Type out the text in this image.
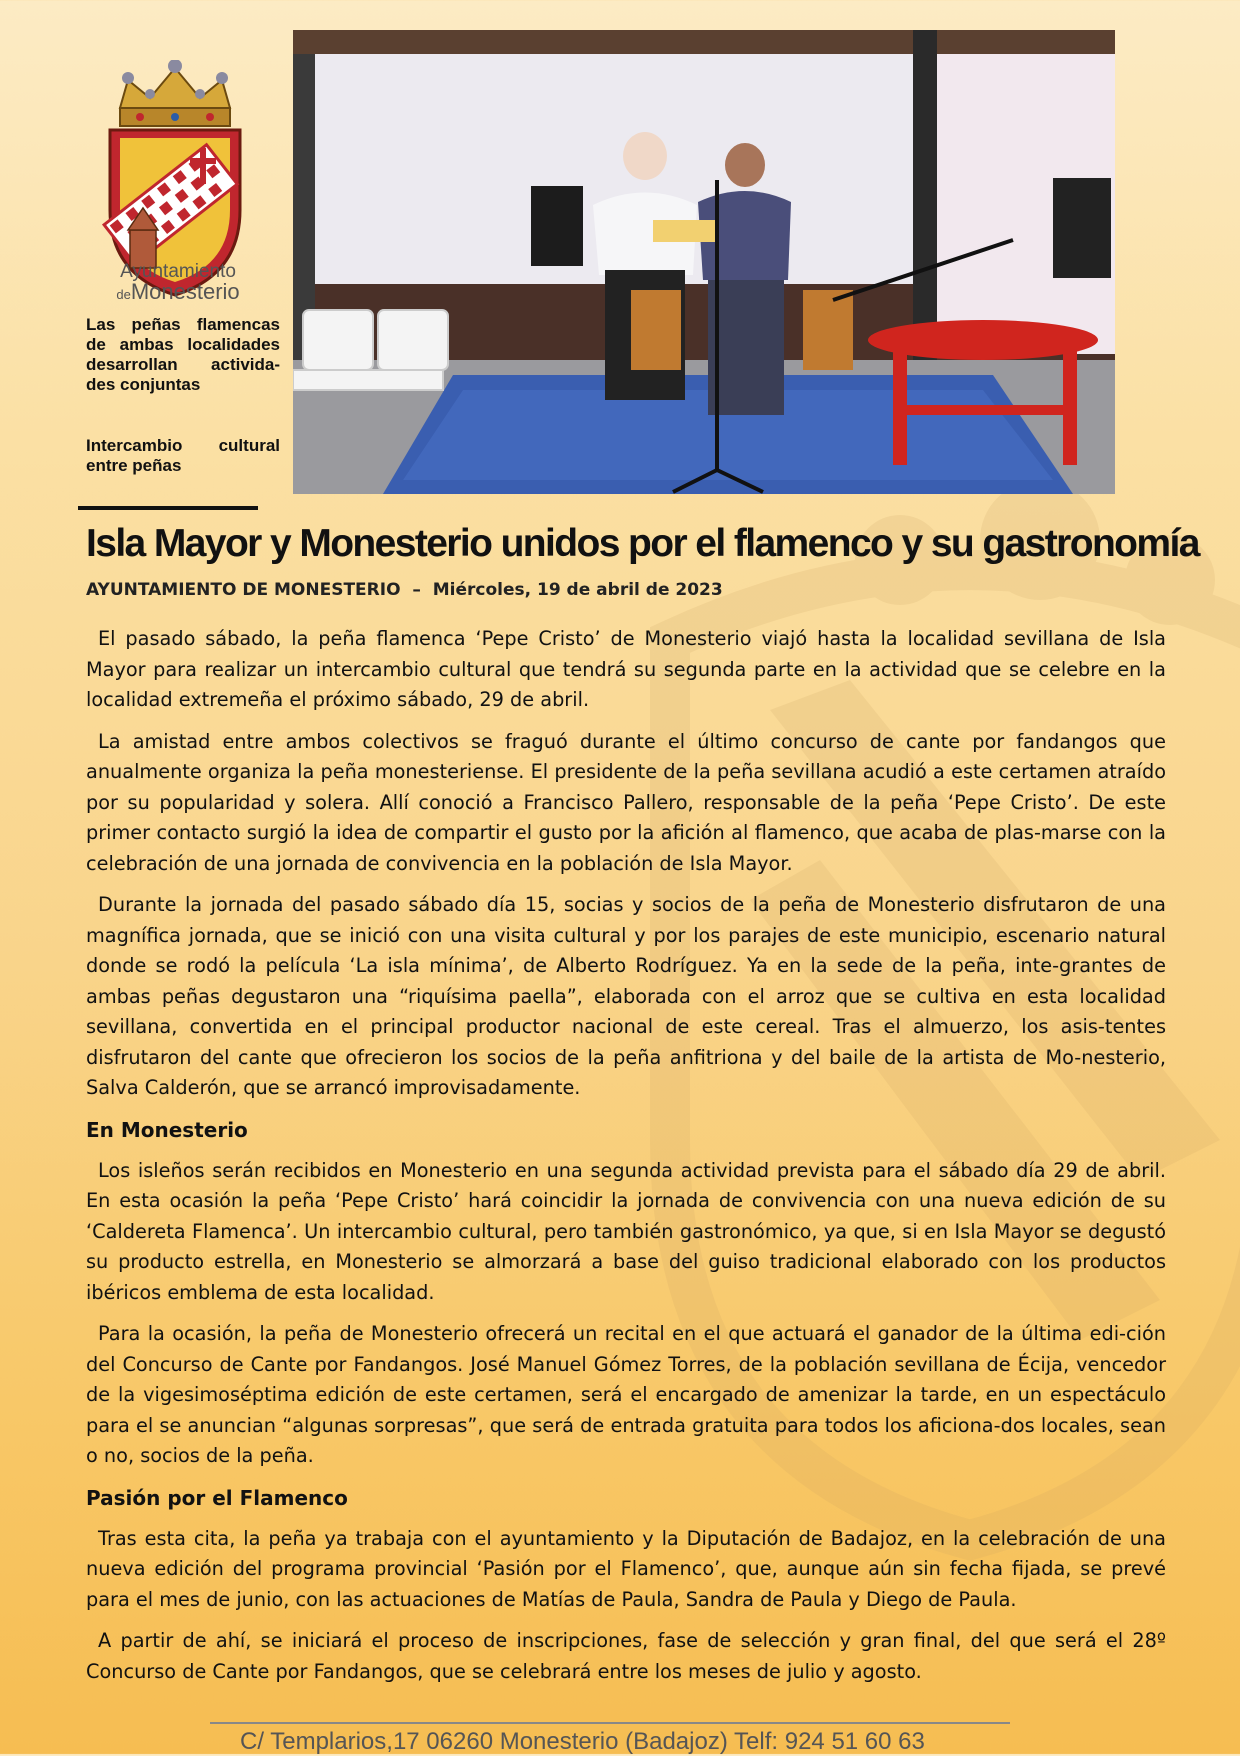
Ayuntamiento
deMonesterio
Las peñas flamencas de ambas localidades desarrollan activida-des conjuntas
Intercambio cultural entre peñas
Isla Mayor y Monesterio unidos por el flamenco y su gastronomía
AYUNTAMIENTO DE MONESTERIO – Miércoles, 19 de abril de 2023

El pasado sábado, la peña flamenca ‘Pepe Cristo’ de Monesterio viajó hasta la localidad sevillana de Isla Mayor para realizar un intercambio cultural que tendrá su segunda parte en la actividad que se celebre en la localidad extremeña el próximo sábado, 29 de abril.

La amistad entre ambos colectivos se fraguó durante el último concurso de cante por fandangos que anualmente organiza la peña monesteriense. El presidente de la peña sevillana acudió a este certamen atraído por su popularidad y solera. Allí conoció a Francisco Pallero, responsable de la peña ‘Pepe Cristo’. De este primer contacto surgió la idea de compartir el gusto por la afición al flamenco, que acaba de plas-marse con la celebración de una jornada de convivencia en la población de Isla Mayor.

Durante la jornada del pasado sábado día 15, socias y socios de la peña de Monesterio disfrutaron de una magnífica jornada, que se inició con una visita cultural y por los parajes de este municipio, escenario natural donde se rodó la película ‘La isla mínima’, de Alberto Rodríguez. Ya en la sede de la peña, inte-grantes de ambas peñas degustaron una “riquísima paella”, elaborada con el arroz que se cultiva en esta localidad sevillana, convertida en el principal productor nacional de este cereal. Tras el almuerzo, los asis-tentes disfrutaron del cante que ofrecieron los socios de la peña anfitriona y del baile de la artista de Mo-nesterio, Salva Calderón, que se arrancó improvisadamente.

En Monesterio

Los isleños serán recibidos en Monesterio en una segunda actividad prevista para el sábado día 29 de abril. En esta ocasión la peña ‘Pepe Cristo’ hará coincidir la jornada de convivencia con una nueva edición de su ‘Caldereta Flamenca’. Un intercambio cultural, pero también gastronómico, ya que, si en Isla Mayor se degustó su producto estrella, en Monesterio se almorzará a base del guiso tradicional elaborado con los productos ibéricos emblema de esta localidad.

Para la ocasión, la peña de Monesterio ofrecerá un recital en el que actuará el ganador de la última edi-ción del Concurso de Cante por Fandangos. José Manuel Gómez Torres, de la población sevillana de Écija, vencedor de la vigesimoséptima edición de este certamen, será el encargado de amenizar la tarde, en un espectáculo para el se anuncian “algunas sorpresas”, que será de entrada gratuita para todos los aficiona-dos locales, sean o no, socios de la peña.

Pasión por el Flamenco

Tras esta cita, la peña ya trabaja con el ayuntamiento y la Diputación de Badajoz, en la celebración de una nueva edición del programa provincial ‘Pasión por el Flamenco’, que, aunque aún sin fecha fijada, se prevé para el mes de junio, con las actuaciones de Matías de Paula, Sandra de Paula y Diego de Paula.

A partir de ahí, se iniciará el proceso de inscripciones, fase de selección y gran final, del que será el 28º Concurso de Cante por Fandangos, que se celebrará entre los meses de julio y agosto.

C/ Templarios,17 06260 Monesterio (Badajoz) Telf: 924 51 60 63
